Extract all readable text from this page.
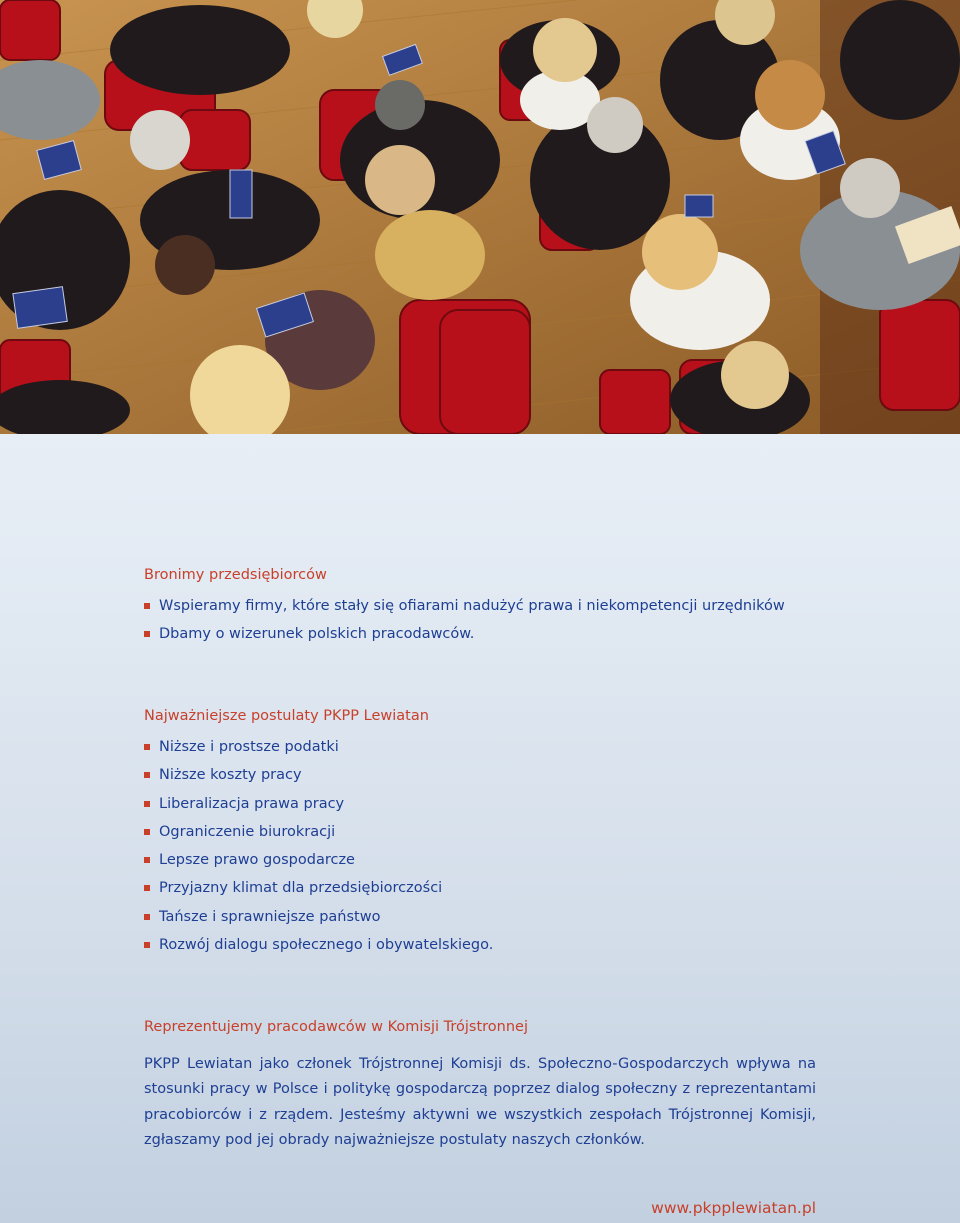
Bronimy przedsiębiorców
Wspieramy firmy, które stały się ofiarami nadużyć prawa i niekompetencji urzędników
Dbamy o wizerunek polskich pracodawców.
Najważniejsze postulaty PKPP Lewiatan
Niższe i prostsze podatki
Niższe koszty pracy
Liberalizacja prawa pracy
Ograniczenie biurokracji
Lepsze prawo gospodarcze
Przyjazny klimat dla przedsiębiorczości
Tańsze i sprawniejsze państwo
Rozwój dialogu społecznego i obywatelskiego.
Reprezentujemy pracodawców w Komisji Trójstronnej

PKPP Lewiatan jako członek Trójstronnej Komisji ds. Społeczno-Gospodarczych wpływa na stosunki pracy w Polsce i politykę gospodarczą poprzez dialog społeczny z reprezentantami pracobiorców i z rządem. Jesteśmy aktywni we wszystkich zespołach Trójstronnej Komisji, zgłaszamy pod jej obrady najważniejsze postulaty naszych członków.

www.pkpplewiatan.pl
